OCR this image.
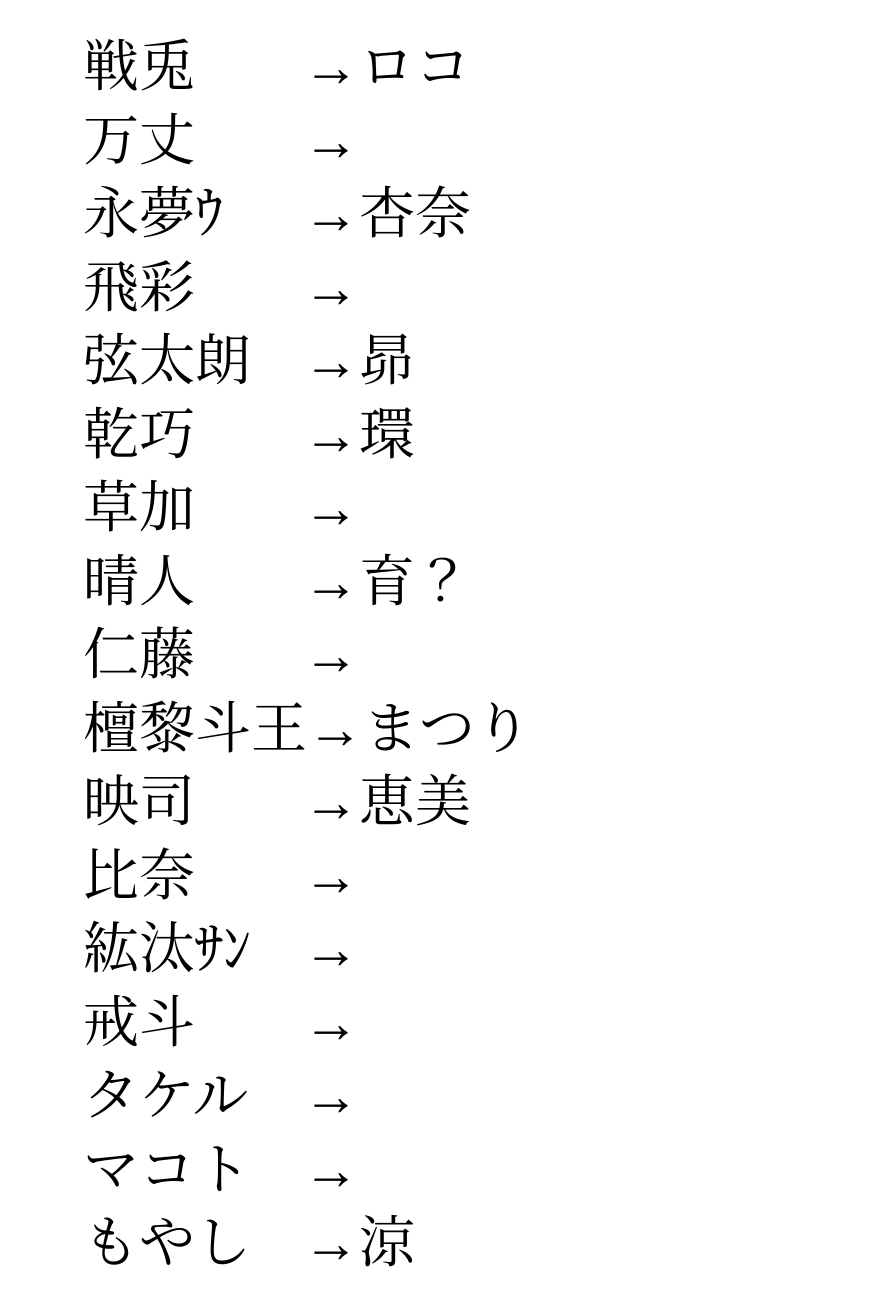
戦兎	→ ロコ
万丈	→
永夢ｳ	→ 杏奈
飛彩	→
弦太朗 → 昴
乾巧	→ 環
草加	→
晴人	→ 育？
仁藤	→
檀黎斗王 → まつり
映司	→ 恵美
比奈	→
紘汰ｻﾝ →
戒斗	→
タケル →
マコト →
もやし → 涼
